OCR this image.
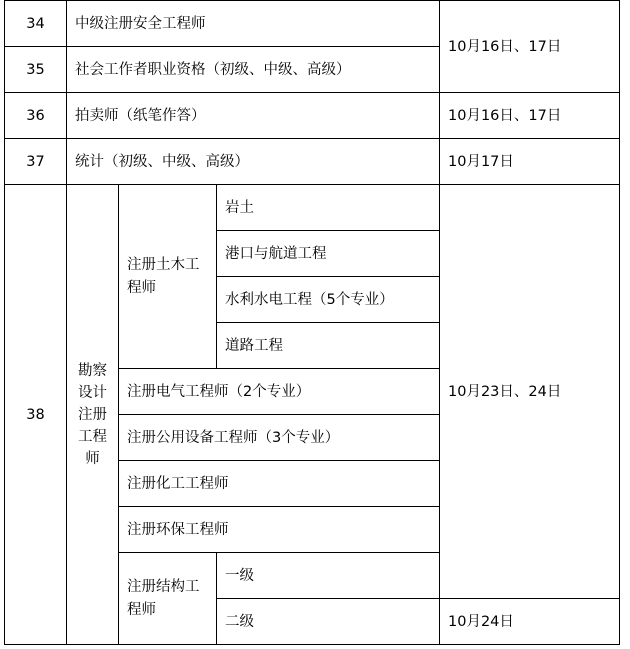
34	中级注册安全工程师			10月16日、17日
35	社会工作者职业资格（初级、中级、高级）			
36	拍卖师（纸笔作答）			10月16日、17日
37	统计（初级、中级、高级）			10月17日
38	勘察设计注册工程师	注册土木工程师	岩土	10月23日、24日
			港口与航道工程	
			水利水电工程（5个专业）	
			道路工程	
		注册电气工程师（2个专业）		
		注册公用设备工程师（3个专业）		
		注册化工工程师		
		注册环保工程师		

		注册结构工程师	一级	
			二级	10月24日
